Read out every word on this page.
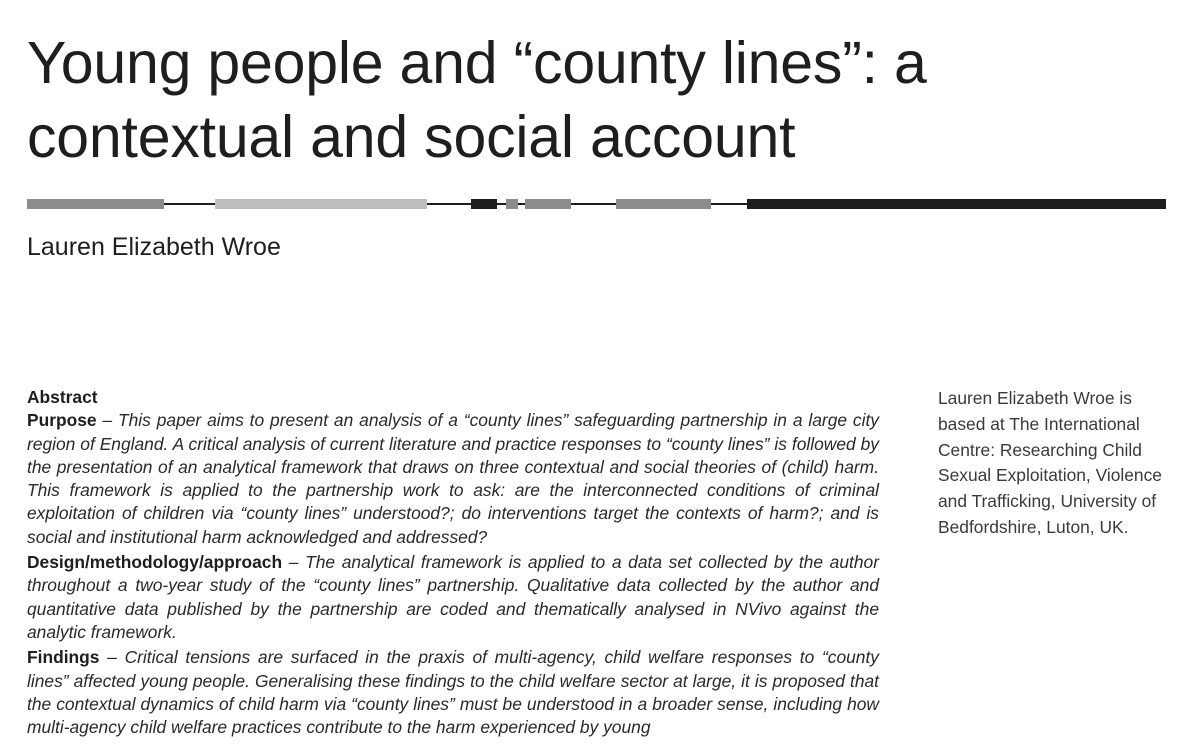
Young people and “county lines”: a contextual and social account
Lauren Elizabeth Wroe

Abstract

Purpose – This paper aims to present an analysis of a “county lines” safeguarding partnership in a large city region of England. A critical analysis of current literature and practice responses to “county lines” is followed by the presentation of an analytical framework that draws on three contextual and social theories of (child) harm. This framework is applied to the partnership work to ask: are the interconnected conditions of criminal exploitation of children via “county lines” understood?; do interventions target the contexts of harm?; and is social and institutional harm acknowledged and addressed?

Design/methodology/approach – The analytical framework is applied to a data set collected by the author throughout a two-year study of the “county lines” partnership. Qualitative data collected by the author and quantitative data published by the partnership are coded and thematically analysed in NVivo against the analytic framework.

Findings – Critical tensions are surfaced in the praxis of multi-agency, child welfare responses to “county lines” affected young people. Generalising these findings to the child welfare sector at large, it is proposed that the contextual dynamics of child harm via “county lines” must be understood in a broader sense, including how multi-agency child welfare practices contribute to the harm experienced by young

Lauren Elizabeth Wroe is based at The International Centre: Researching Child Sexual Exploitation, Violence and Trafficking, University of Bedfordshire, Luton, UK.
